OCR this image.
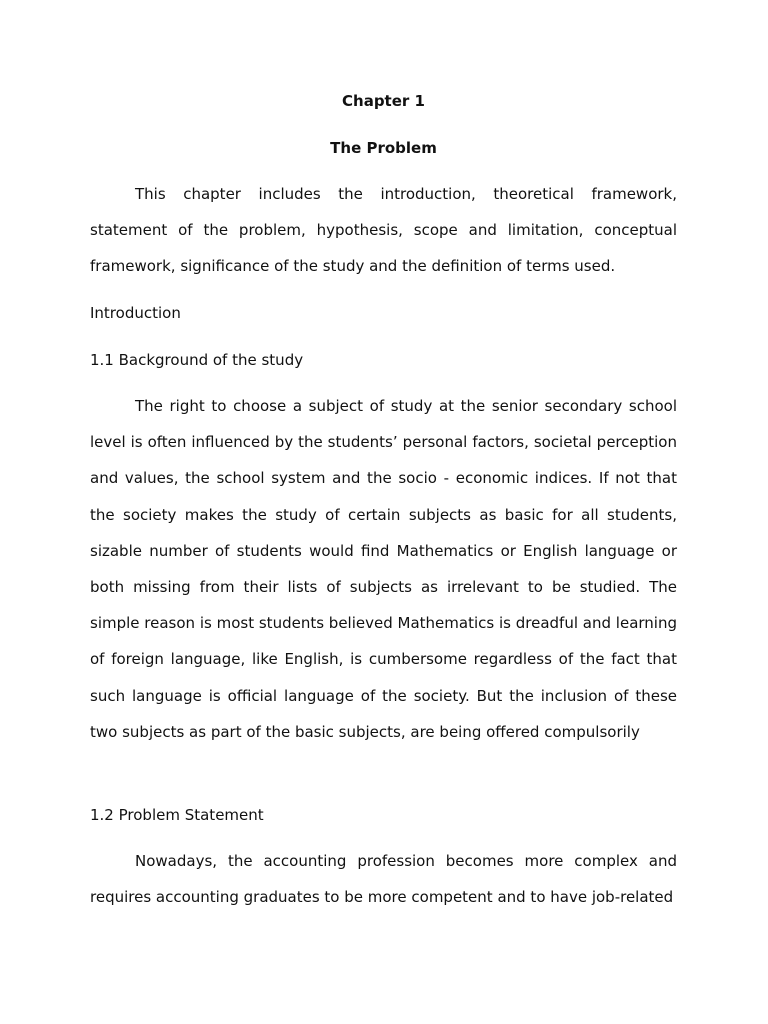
Chapter 1
The Problem
This chapter includes the introduction, theoretical framework, statement of the problem, hypothesis, scope and limitation, conceptual framework, significance of the study and the definition of terms used.
Introduction
1.1 Background of the study
The right to choose a subject of study at the senior secondary school level is often influenced by the students’ personal factors, societal perception and values, the school system and the socio - economic indices. If not that the society makes the study of certain subjects as basic for all students, sizable number of students would find Mathematics or English language or both missing from their lists of subjects as irrelevant to be studied. The simple reason is most students believed Mathematics is dreadful and learning of foreign language, like English, is cumbersome regardless of the fact that such language is official language of the society. But the inclusion of these two subjects as part of the basic subjects, are being offered compulsorily
1.2 Problem Statement
Nowadays, the accounting profession becomes more complex and requires accounting graduates to be more competent and to have job-related
